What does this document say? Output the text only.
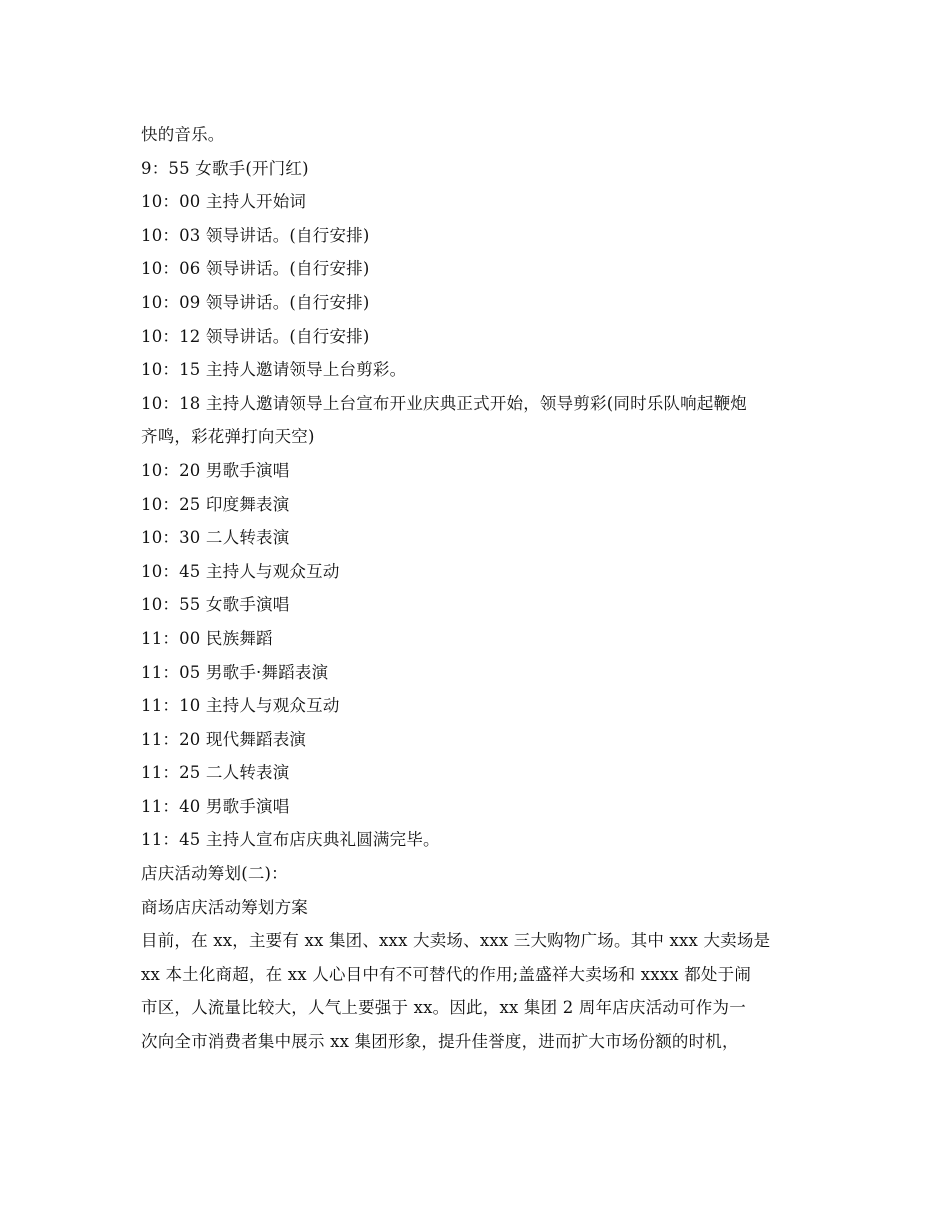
快的音乐。
9：55 女歌手(开门红)
10：00 主持人开始词
10：03 领导讲话。(自行安排)
10：06 领导讲话。(自行安排)
10：09 领导讲话。(自行安排)
10：12 领导讲话。(自行安排)
10：15 主持人邀请领导上台剪彩。
10：18 主持人邀请领导上台宣布开业庆典正式开始，领导剪彩(同时乐队响起鞭炮
齐鸣，彩花弹打向天空)
10：20 男歌手演唱
10：25 印度舞表演
10：30 二人转表演
10：45 主持人与观众互动
10：55 女歌手演唱
11：00 民族舞蹈
11：05 男歌手·舞蹈表演
11：10 主持人与观众互动
11：20 现代舞蹈表演
11：25 二人转表演
11：40 男歌手演唱
11：45 主持人宣布店庆典礼圆满完毕。
店庆活动筹划(二)：
商场店庆活动筹划方案
目前，在 xx，主要有 xx 集团、xxx 大卖场、xxx 三大购物广场。其中 xxx 大卖场是
xx 本土化商超，在 xx 人心目中有不可替代的作用;盖盛祥大卖场和 xxxx 都处于闹
市区，人流量比较大，人气上要强于 xx。因此，xx 集团 2 周年店庆活动可作为一
次向全市消费者集中展示 xx 集团形象，提升佳誉度，进而扩大市场份额的时机，
